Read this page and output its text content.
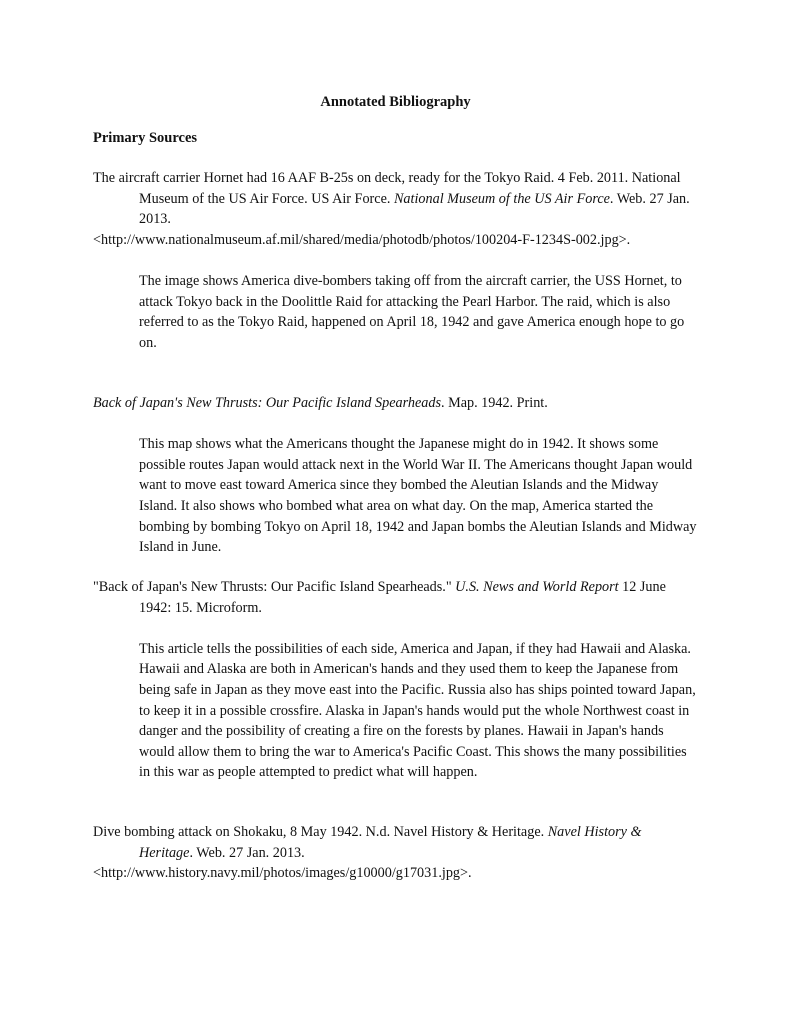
Annotated Bibliography
Primary Sources

The aircraft carrier Hornet had 16 AAF B-25s on deck, ready for the Tokyo Raid. 4 Feb. 2011. National Museum of the US Air Force. US Air Force. National Museum of the US Air Force. Web. 27 Jan. 2013.
<http://www.nationalmuseum.af.mil/shared/media/photodb/photos/100204-F-1234S-002.jpg>.

The image shows America dive-bombers taking off from the aircraft carrier, the USS Hornet, to attack Tokyo back in the Doolittle Raid for attacking the Pearl Harbor. The raid, which is also referred to as the Tokyo Raid, happened on April 18, 1942 and gave America enough hope to go on.

Back of Japan's New Thrusts: Our Pacific Island Spearheads. Map. 1942. Print.

This map shows what the Americans thought the Japanese might do in 1942. It shows some possible routes Japan would attack next in the World War II. The Americans thought Japan would want to move east toward America since they bombed the Aleutian Islands and the Midway Island. It also shows who bombed what area on what day. On the map, America started the bombing by bombing Tokyo on April 18, 1942 and Japan bombs the Aleutian Islands and Midway Island in June.

"Back of Japan's New Thrusts: Our Pacific Island Spearheads." U.S. News and World Report 12 June 1942: 15. Microform.

This article tells the possibilities of each side, America and Japan, if they had Hawaii and Alaska. Hawaii and Alaska are both in American's hands and they used them to keep the Japanese from being safe in Japan as they move east into the Pacific. Russia also has ships pointed toward Japan, to keep it in a possible crossfire. Alaska in Japan's hands would put the whole Northwest coast in danger and the possibility of creating a fire on the forests by planes. Hawaii in Japan's hands would allow them to bring the war to America's Pacific Coast. This shows the many possibilities in this war as people attempted to predict what will happen.

Dive bombing attack on Shokaku, 8 May 1942. N.d. Navel History & Heritage. Navel History & Heritage. Web. 27 Jan. 2013.
<http://www.history.navy.mil/photos/images/g10000/g17031.jpg>.
